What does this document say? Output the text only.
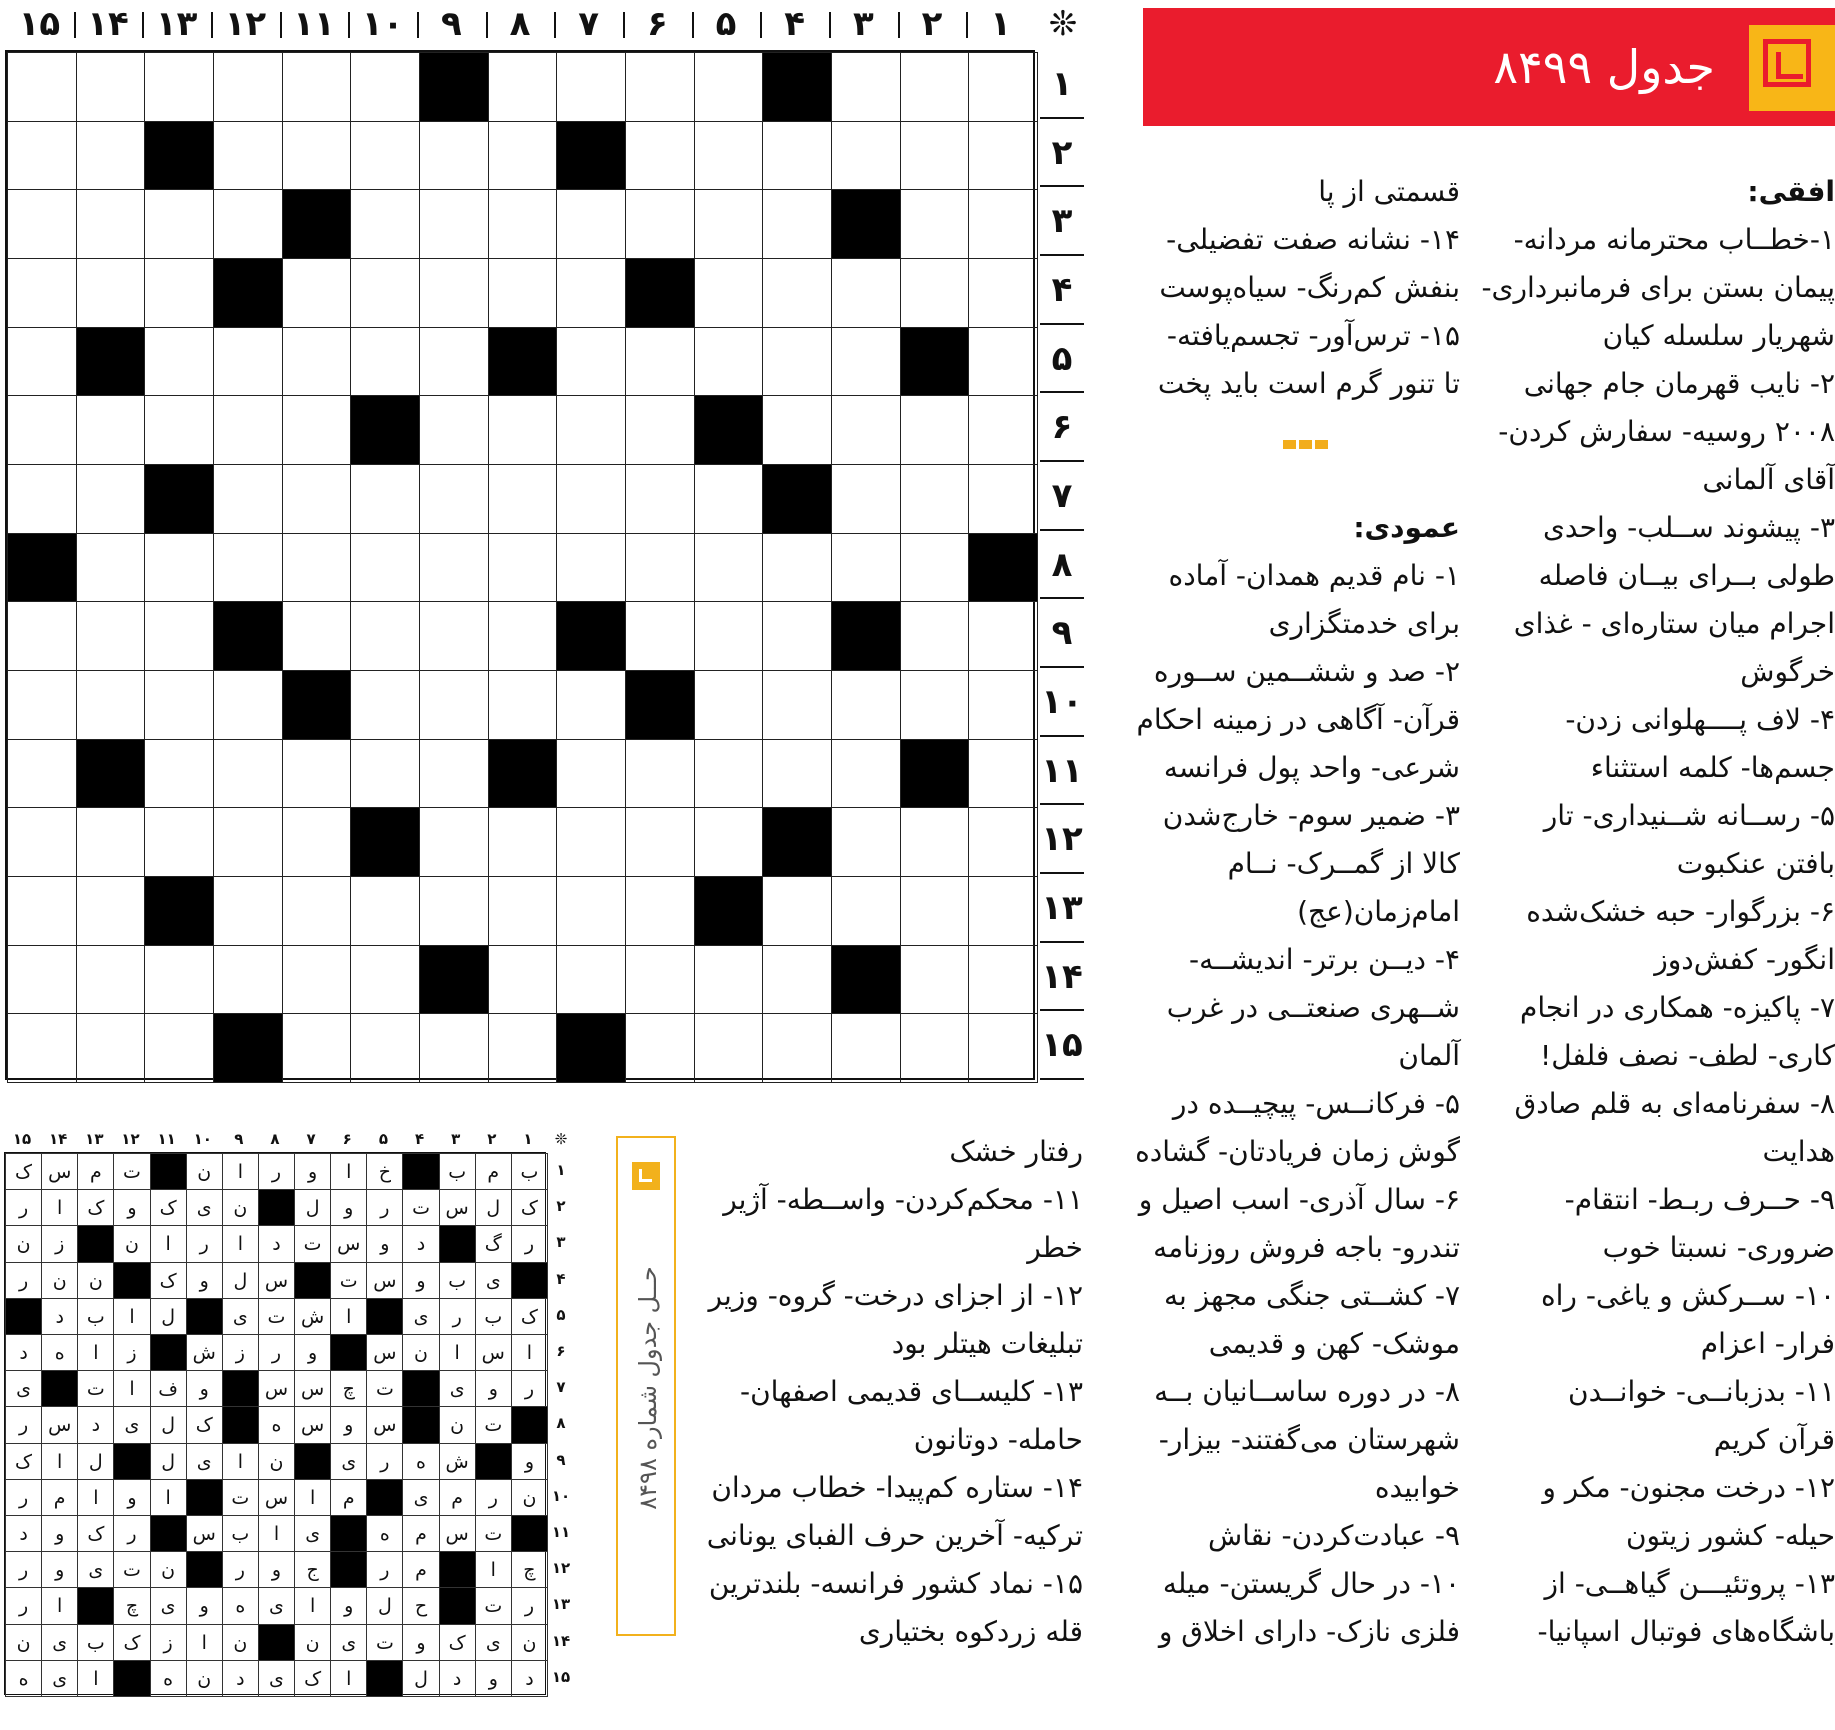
۱
۲
۳
۴
۵
۶
۷
۸
۹
۱۰
۱۱
۱۲
۱۳
۱۴
۱۵	❊
۱
۲
۳
۴
۵
۶
۷
۸
۹
۱۰
۱۱
۱۲
۱۳
۱۴
۱۵
جدول ۸۴۹۹
افقی:
۱-خطــاب محترمانه مردانه-
پیمان بستن برای فرمانبرداری-
شهریار سلسله کیان
۲- نایب قهرمان جام جهانی
۲۰۰۸ روسیه- سفارش کردن-
آقای آلمانی
۳- پیشوند ســلب- واحدی
طولی بــرای بیــان فاصله
اجرام میان ستاره‌ای - غذای
خرگوش
۴- لاف پــــهلوانی زدن-
جسم‌ها- کلمه استثناء
۵- رســانه شــنیداری- تار
بافتن عنکبوت
۶- بزرگوار- حبه خشک‌شده
انگور- کفش‌دوز
۷- پاکیزه- همکاری در انجام
کاری- لطف- نصف فلفل!
۸- سفرنامه‌ای به قلم صادق
هدایت
۹- حــرف ربـط- انتقام-
ضروری- نسبتا خوب
۱۰- ســرکش و یاغی- راه
فرار- اعزام
۱۱- بدزبانــی- خوانــدن
قرآن کریم
۱۲- درخت مجنون- مکر و
حیله- کشور زیتون
۱۳- پروتئیـــن گیاهــی- از
باشگاه‌های فوتبال اسپانیا-
قسمتی از پا
۱۴- نشانه صفت تفضیلی-
بنفش کم‌رنگ- سیاه‌پوست
۱۵- ترس‌آور- تجسم‌یافته-
تا تنور گرم است باید پخت
عمودی:
۱- نام قدیم همدان- آماده
برای خدمتگزاری
۲- صد و ششــمین ســوره
قرآن- آگاهی در زمینه احکام
شرعی- واحد پول فرانسه
۳- ضمیر سوم- خارج‌شدن
کالا از گمــرک- نــام
امام‌زمان(عج)
۴- دیــن برتر- اندیشــه-
شــهری صنعتــی در غرب
آلمان
۵- فرکانــس- پیچیــده در
گوش زمان فریادتان- گشاده
۶- سال آذری- اسب اصیل و
تندرو- باجه فروش روزنامه
۷- کشــتی جنگی مجهز به
موشک- کهن و قدیمی
۸- در دوره ساســانیان بــه
شهرستان می‌گفتند- بیزار-
خوابیده
۹- عبادت‌کردن- نقاش
۱۰- در حال گریستن- میله
فلزی نازک- دارای اخلاق و
رفتار خشک
۱۱- محکم‌کردن- واســطه- آژیر
خطر
۱۲- از اجزای درخت- گروه- وزیر
تبلیغات هیتلر بود
۱۳- کلیســای قدیمی اصفهان-
حامله- دوتانون
۱۴- ستاره کم‌پیدا- خطاب مردان
ترکیه- آخرین حرف الفبای یونانی
۱۵- نماد کشور فرانسه- بلندترین
قله زردکوه بختیاری
حــل جدول شماره ۸۴۹۸
۱
۲
۳
۴
۵
۶
۷
۸
۹
۱۰
۱۱
۱۲
۱۳
۱۴
۱۵	❊
ب
م
ب
خ
ا
و
ر
ا
ن
ت
م
س
ک
ک
ل
س
ت
ر
و
ل
ن
ی
ک
و
ک
ا
ر
ر
گ
د
و
س
ت
د
ا
ر
ا
ن
ز
ن
ی
ب
و
س
ت
س
ل
و
ک
ن
ن
ر
ک
ب
ر
ی
ا
ش
ت
ی
ل
ا
ب
د
ا
س
ا
ن
س
و
ر
ز
ش
ز
ا
ه
د
ر
و
ی
ت
چ
س
س
و
ف
ا
ت
ی
ت
ن
س
و
س
ه
ک
ل
ی
د
س
ر
و
ش
ه
ر
ی
ن
ا
ی
ل
ل
ا
ک
ن
ر
م
ی
م
ا
س
ت
ا
و
ا
م
ر
ت
س
م
ه
ی
ا
ب
س
ر
ک
و
د
چ
ا
م
ر
ج
و
ر
ن
ت
ی
و
ر
ر
ت
ح
ل
و
ا
ی
ه
و
ی
چ
ا
ر
ن
ی
ک
و
ت
ی
ن
ن
ا
ز
ک
ب
ی
ن
د
و
د
ل
ا
ک
ی
د
ن
ه
ا
ی
ه
۱
۲
۳
۴
۵
۶
۷
۸
۹
۱۰
۱۱
۱۲
۱۳
۱۴
۱۵
